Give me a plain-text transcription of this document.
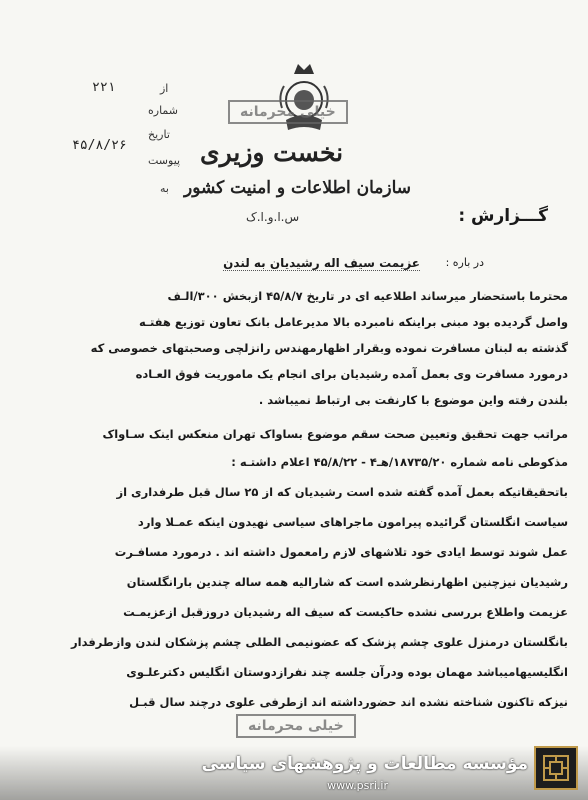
از
۲۲۱
شماره
تاریخ
۴۵/۸/۲۶
پیوست
به
خیلی محرمانه
نخست وزیری
سازمان اطلاعات و امنیت کشور
س.ا.و.ا.ک	گـــزارش :
در باره :
عزیمت سیف اله رشیدیان به لندن
محترما باستحضار میرساند اطلاعیه ای در تاریخ ۴۵/۸/۷ ازبخش ۳۰۰/الـف
واصل گردیده بود مبنی براینکه نامبرده بالا مدیرعامل بانک تعاون توزیع هفتـه
گذشته به لبنان مسافرت نموده وبقرار اظهارمهندس رانزلچی وصحبتهای خصوصی که
درمورد مسافرت وی بعمل آمده رشیدیان برای انجام یک ماموریت فوق العـاده
بلندن رفته واین موضوع با کارنفت بی ارتباط نمیباشد .
مراتب جهت تحقیق وتعیین صحت سقم موضوع بساواک تهران منعکس اینک سـاواک
مذکوطی نامه شماره ۱۸۷۳۵/۲۰/هـ۴ - ۴۵/۸/۲۲ اعلام داشتـه :
باتحقیقاتیکه بعمل آمده گفته شده است رشیدیان که از ۲۵ سال قبل طرفداری از
سیاست انگلستان گرائیده پیرامون ماجراهای سیاسی نهیدون اینکه عمـلا وارد
عمل شوند توسط ایادی خود تلاشهای لازم رامعمول داشته اند . درمورد مسافـرت
رشیدیان نیزچنین اظهارنظرشده است که شاراليه همه ساله چندین بارانگلستان
عزیمت واطلاع بررسی نشده حاکیست که سیف اله رشیدیان دروزقبل ازعزیمـت
بانگلستان درمنزل علوی چشم پزشک که عضونیمی الطلی چشم پزشکان لندن وازطرفدار
انگلیسیهامیباشد مهمان بوده ودرآن جلسه چند نفرازدوستان انگلیس دکترعلـوی
نیزکه تاکنون شناخته نشده اند حضورداشته اند ازطرفی علوی درچند سال قبـل
خیلی محرمانه
مؤسسه مطالعات و پژوهشهای سیاسی
www.psri.ir
